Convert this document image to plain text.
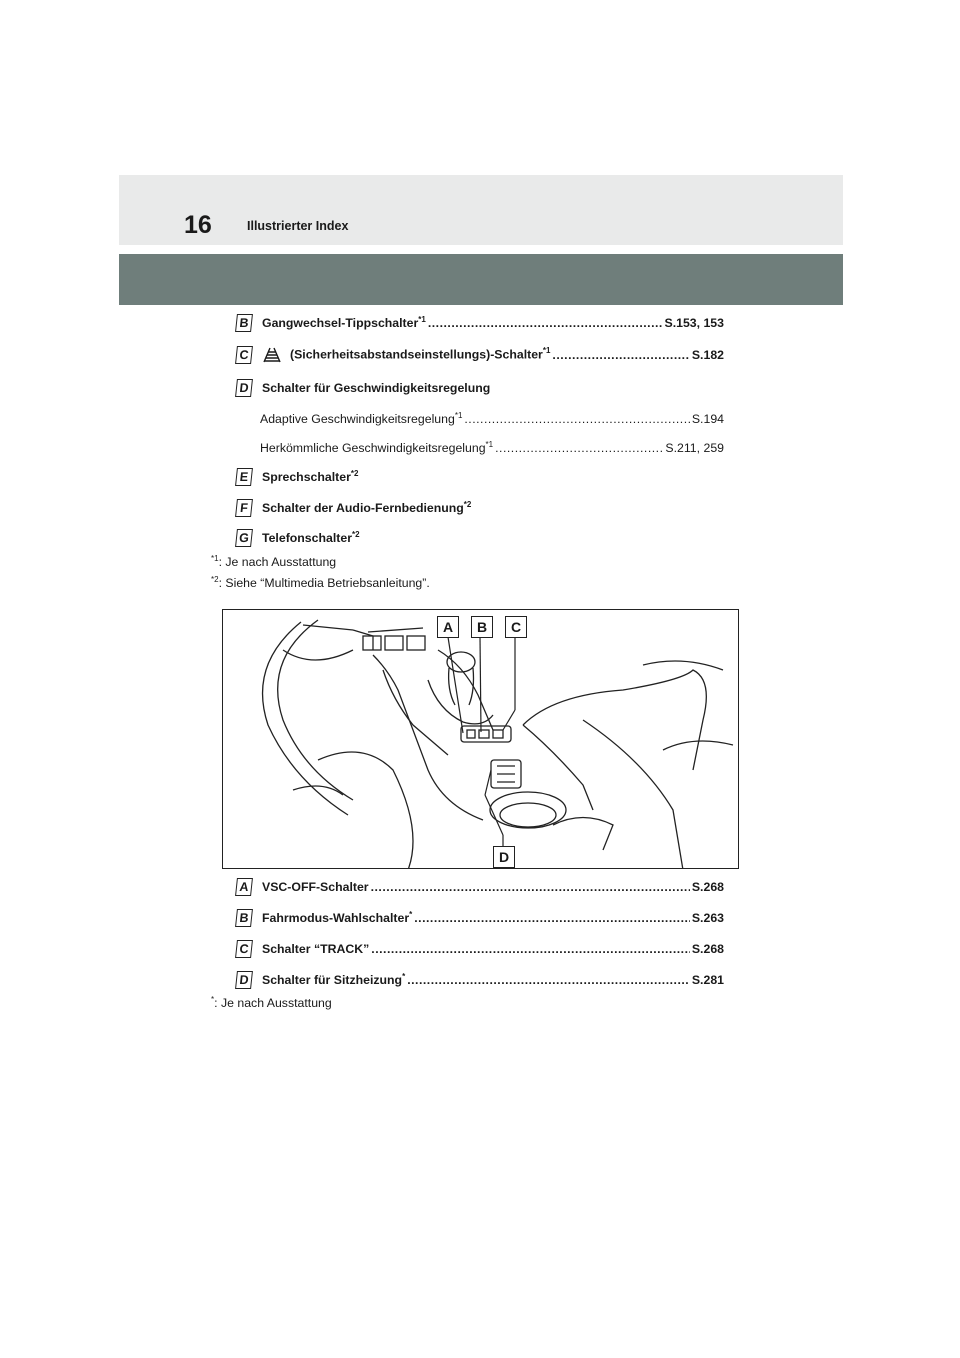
16	Illustrierter Index
B	Gangwechsel-Tippschalter$^{*1}$ .....	S.153, 153
C	(Sicherheitsabstandseinstellungs)-Schalter$^{*1}$ .....	S.182
D	Schalter für Geschwindigkeitsregelung
Adaptive Geschwindigkeitsregelung$^{*1}$ .....	S.194
Herkömmliche Geschwindigkeitsregelung$^{*1}$ .....	S.211, 259
E	Sprechschalter$^{*2}$
F	Schalter der Audio-Fernbedienung$^{*2}$
G Telefonschalter$^{*2}$
$^{*1}$: Je nach Ausstattung
$^{*2}$: Siehe “Multimedia Betriebsanleitung”.
A	B	C
D
A	VSC-OFF-Schalter .....	S.268
B	Fahrmodus-Wahlschalter* .....	S.263
C	Schalter “TRACK” .....	S.268
D	Schalter für Sitzheizung* .....	S.281
*: Je nach Ausstattung
